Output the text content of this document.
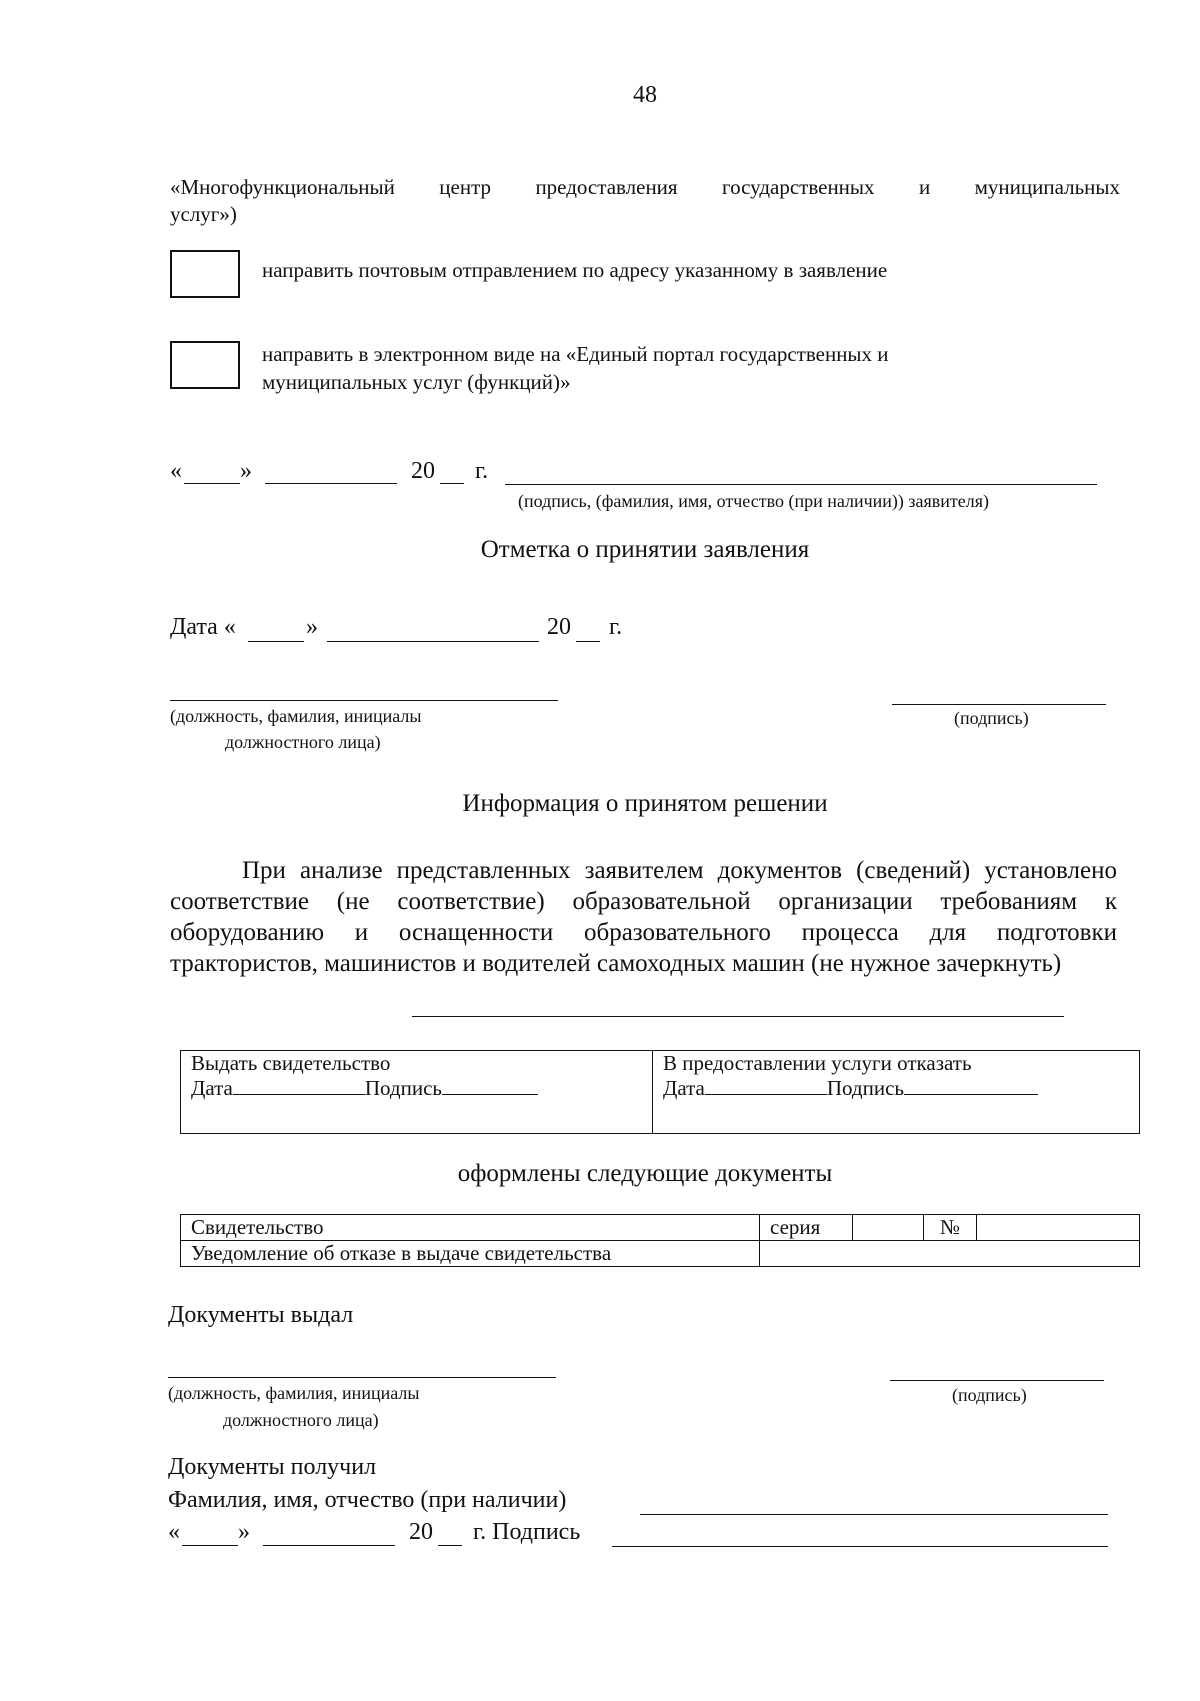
48
«Многофункциональный центр предоставления государственных и муниципальных
услуг»)
направить почтовым отправлением по адресу указанному в заявление
направить в электронном виде на «Единый портал государственных и
муниципальных услуг (функций)»
« »	20 г.
(подпись, (фамилия, имя, отчество (при наличии)) заявителя)
Отметка о принятии заявления
Дата «	»	20 г.
(должность, фамилия, инициалы
должностного лица)
(подпись)
Информация о принятом решении
При анализе представленных заявителем документов (сведений) установлено соответствие (не соответствие) образовательной организации требованиям к оборудованию и оснащенности образовательного процесса для подготовки трактористов, машинистов и водителей самоходных машин (не нужное зачеркнуть)
Выдать свидетельство
Дата	Подпись

В предоставлении услуги отказать
Дата	Подпись
оформлены следующие документы
Свидетельство	серия		№	
Уведомление об отказе в выдаче свидетельства				
Документы выдал
(должность, фамилия, инициалы
должностного лица)
(подпись)
Документы получил
Фамилия, имя, отчество (при наличии)
« »	20 г. Подпись
